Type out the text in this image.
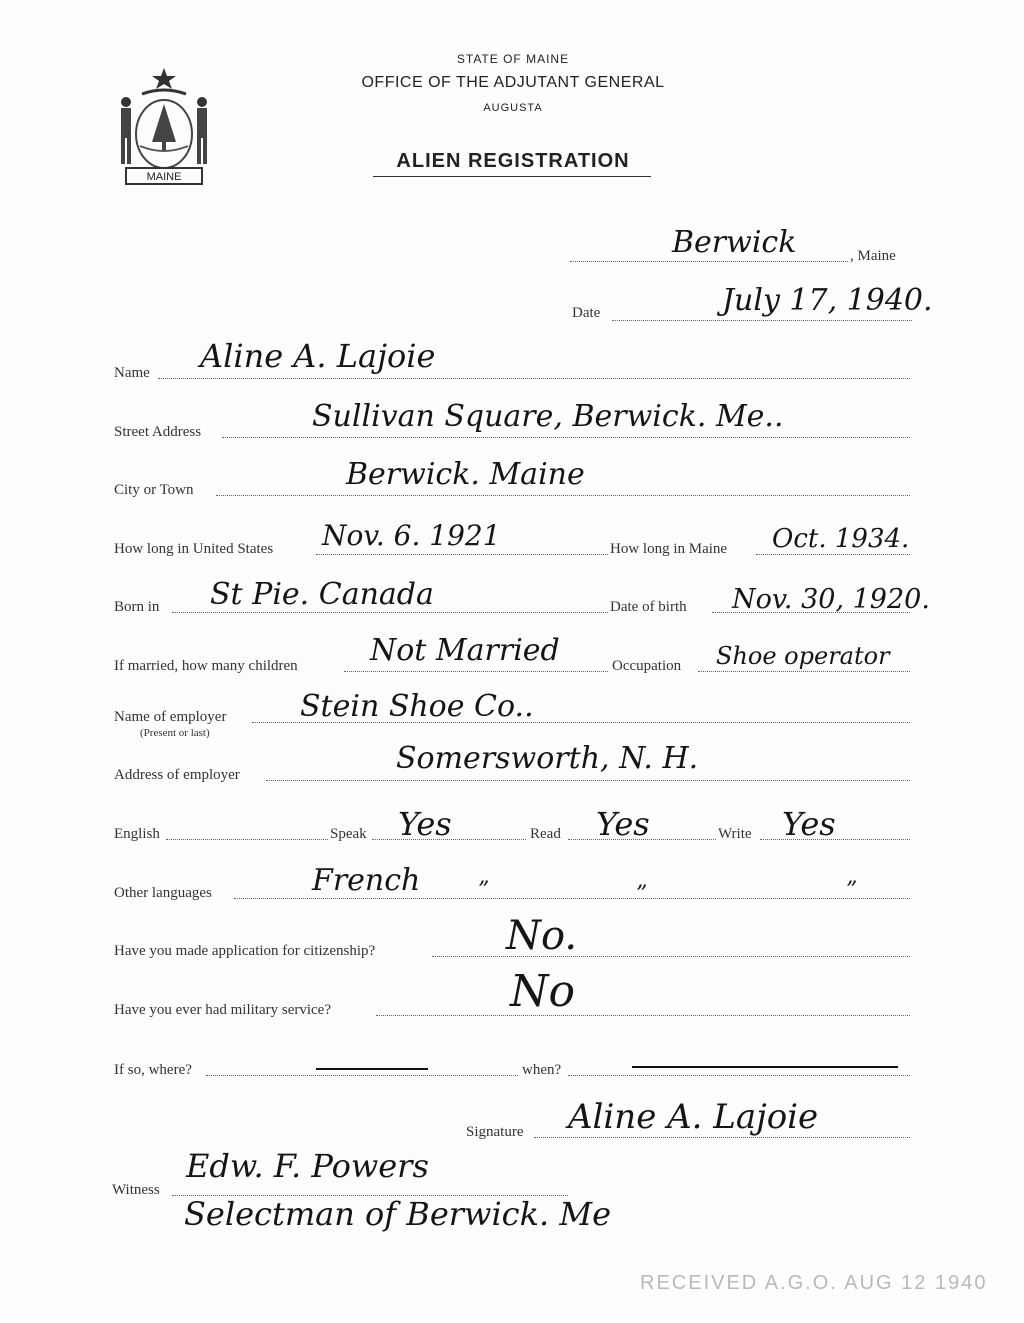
MAINE
STATE OF MAINE
OFFICE OF THE ADJUTANT GENERAL
AUGUSTA
ALIEN REGISTRATION
Berwick	, Maine
Date	July 17, 1940.
Name Aline A. Lajoie
Street Address	Sullivan Square, Berwick. Me..
City or Town	Berwick. Maine
How long in United States Nov. 6. 1921	How long in Maine Oct. 1934.
Born in St Pie. Canada	Date of birth Nov. 30, 1920.
If married, how many children Not Married	Occupation Shoe operator
Name of employer
(Present or last)
Stein Shoe Co..
Address of employer	Somersworth, N. H.
English	Speak Yes	Read Yes	Write Yes
Other languages	French	”	”	”
Have you made application for citizenship?	No.
Have you ever had military service?	No
If so, where?	when?
Signature Aline A. Lajoie
Witness
Edw. F. Powers
Selectman of Berwick. Me
RECEIVED A.G.O. AUG 12 1940
